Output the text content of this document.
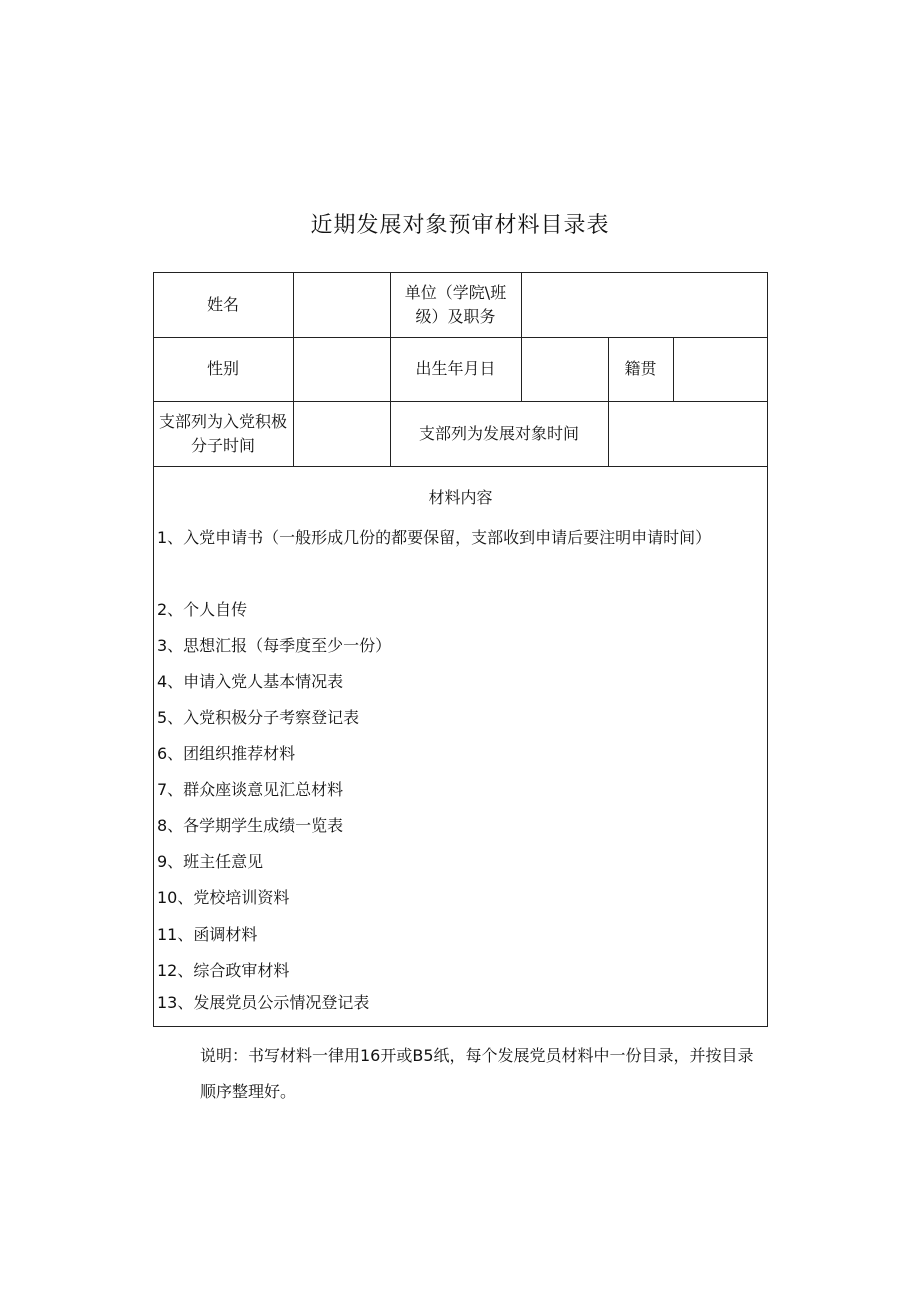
近期发展对象预审材料目录表
姓名
单位（学院\班级）及职务
性别	出生年月日	籍贯
支部列为入党积极分子时间
支部列为发展对象时间
材料内容
1、入党申请书（一般形成几份的都要保留，支部收到申请后要注明申请时间）
2、个人自传
3、思想汇报（每季度至少一份）
4、申请入党人基本情况表
5、入党积极分子考察登记表
6、团组织推荐材料
7、群众座谈意见汇总材料
8、各学期学生成绩一览表
9、班主任意见
10、党校培训资料
11、函调材料
12、综合政审材料
13、发展党员公示情况登记表
说明：书写材料一律用16开或B5纸，每个发展党员材料中一份目录，并按目录顺序整理好。
